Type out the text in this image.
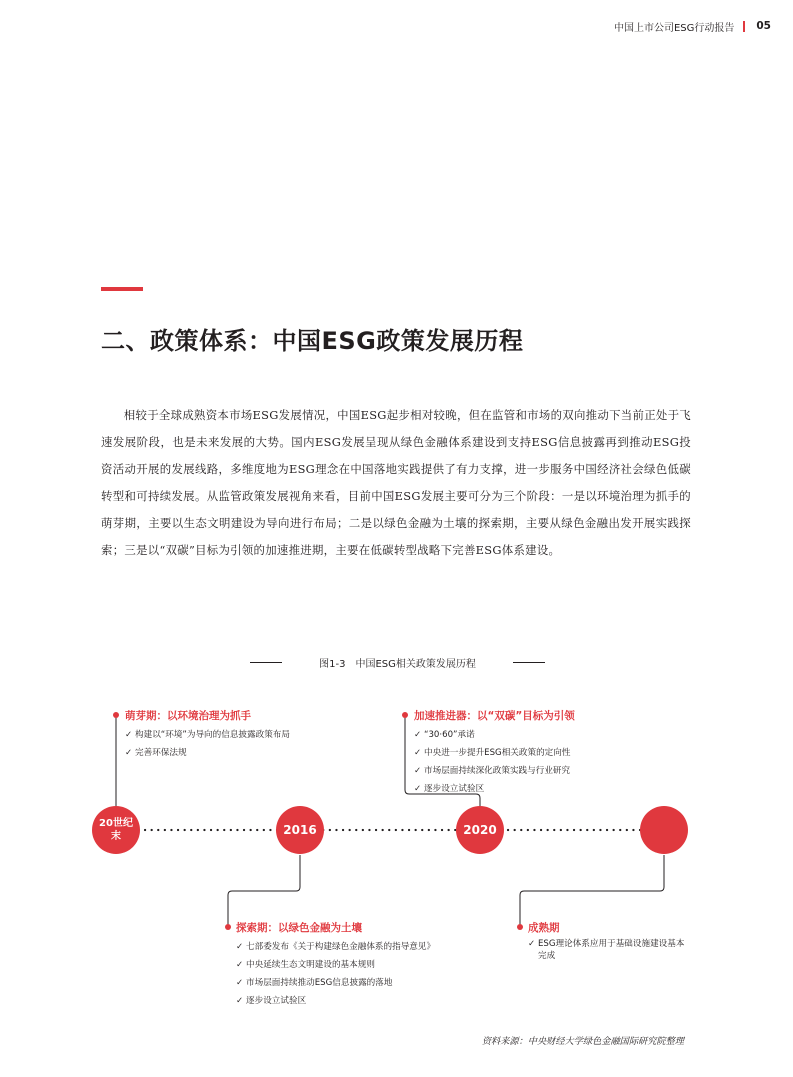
中国上市公司ESG行动报告 05
二、政策体系：中国ESG政策发展历程

相较于全球成熟资本市场ESG发展情况，中国ESG起步相对较晚，但在监管和市场的双向推动下当前正处于飞速发展阶段，也是未来发展的大势。国内ESG发展呈现从绿色金融体系建设到支持ESG信息披露再到推动ESG投资活动开展的发展线路，多维度地为ESG理念在中国落地实践提供了有力支撑，进一步服务中国经济社会绿色低碳转型和可持续发展。从监管政策发展视角来看，目前中国ESG发展主要可分为三个阶段：一是以环境治理为抓手的萌芽期，主要以生态文明建设为导向进行布局；二是以绿色金融为土壤的探索期，主要从绿色金融出发开展实践探索；三是以“双碳”目标为引领的加速推进期，主要在低碳转型战略下完善ESG体系建设。

图1-3　中国ESG相关政策发展历程
20世纪末	2016	2020
萌芽期：以环境治理为抓手
✓ 构建以“环境”为导向的信息披露政策布局
✓ 完善环保法规
加速推进器：以“双碳”目标为引领
✓ “30·60”承诺
✓ 中央进一步提升ESG相关政策的定向性
✓ 市场层面持续深化政策实践与行业研究
✓ 逐步设立试验区
探索期：以绿色金融为土壤
✓ 七部委发布《关于构建绿色金融体系的指导意见》
✓ 中央延续生态文明建设的基本规则
✓ 市场层面持续推动ESG信息披露的落地
✓ 逐步设立试验区
成熟期
✓ ESG理论体系应用于基础设施建设基本完成
资料来源：中央财经大学绿色金融国际研究院整理
